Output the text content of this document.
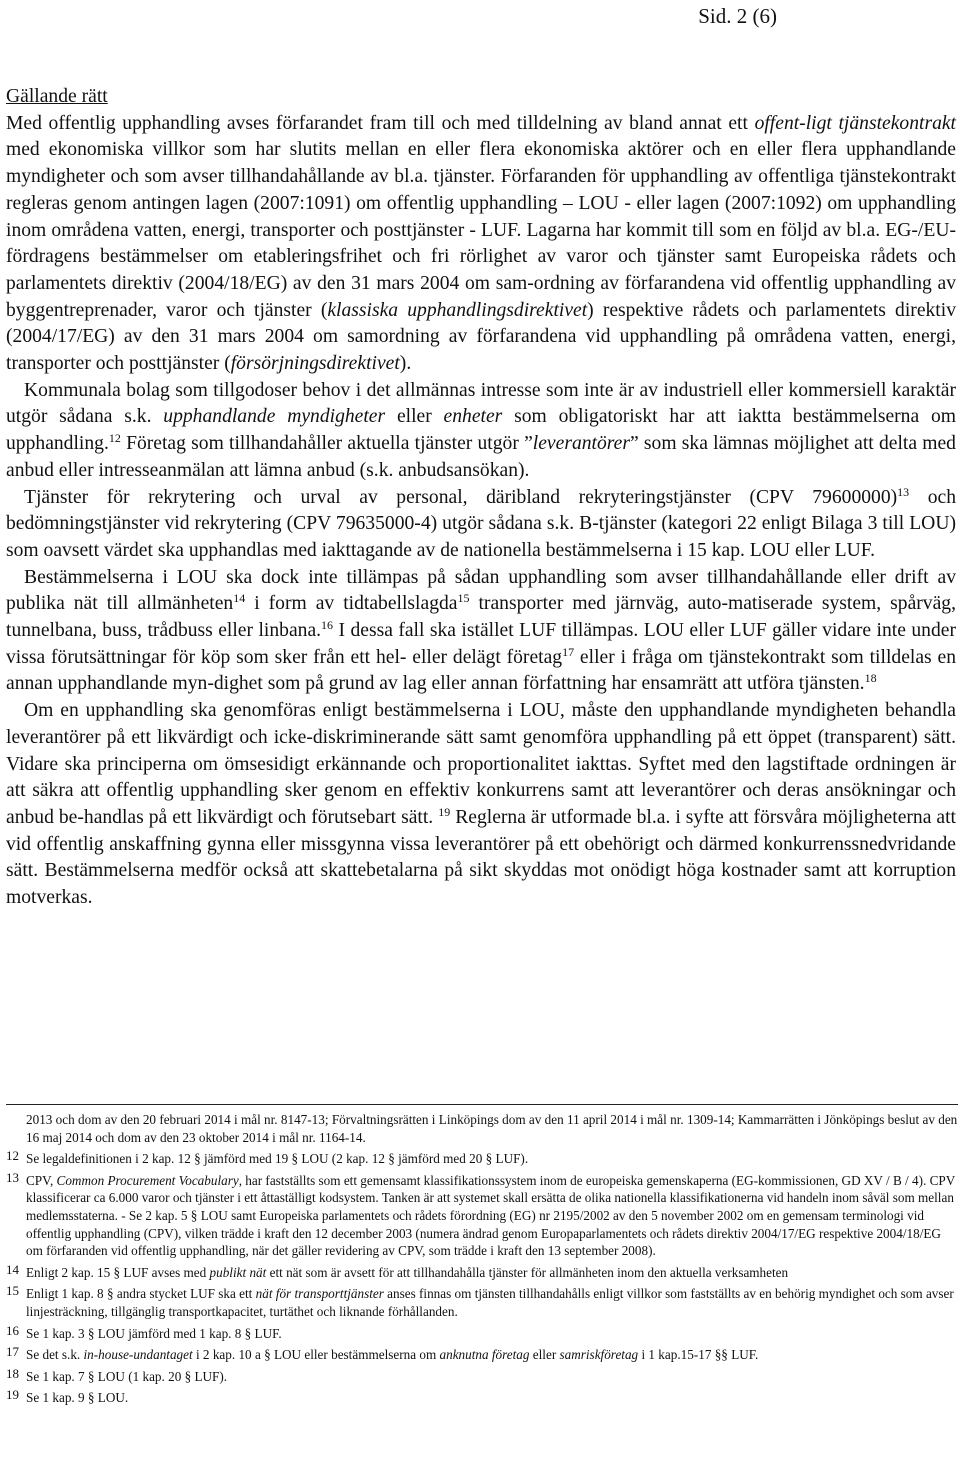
Sid. 2 (6)

Gällande rätt

Med offentlig upphandling avses förfarandet fram till och med tilldelning av bland annat ett offent-ligt tjänstekontrakt med ekonomiska villkor som har slutits mellan en eller flera ekonomiska aktörer och en eller flera upphandlande myndigheter och som avser tillhandahållande av bl.a. tjänster. Förfaranden för upphandling av offentliga tjänstekontrakt regleras genom antingen lagen (2007:1091) om offentlig upphandling – LOU - eller lagen (2007:1092) om upphandling inom områdena vatten, energi, transporter och posttjänster - LUF. Lagarna har kommit till som en följd av bl.a. EG-/EU-fördragens bestämmelser om etableringsfrihet och fri rörlighet av varor och tjänster samt Europeiska rådets och parlamentets direktiv (2004/18/EG) av den 31 mars 2004 om sam-ordning av förfarandena vid offentlig upphandling av byggentreprenader, varor och tjänster (klassiska upphandlingsdirektivet) respektive rådets och parlamentets direktiv (2004/17/EG) av den 31 mars 2004 om samordning av förfarandena vid upphandling på områdena vatten, energi, transporter och posttjänster (försörjningsdirektivet).

Kommunala bolag som tillgodoser behov i det allmännas intresse som inte är av industriell eller kommersiell karaktär utgör sådana s.k. upphandlande myndigheter eller enheter som obligatoriskt har att iaktta bestämmelserna om upphandling.$^{12}$ Företag som tillhandahåller aktuella tjänster utgör ”leverantörer” som ska lämnas möjlighet att delta med anbud eller intresseanmälan att lämna anbud (s.k. anbudsansökan).

Tjänster för rekrytering och urval av personal, däribland rekryteringstjänster (CPV 79600000)$^{13}$ och bedömningstjänster vid rekrytering (CPV 79635000-4) utgör sådana s.k. B-tjänster (kategori 22 enligt Bilaga 3 till LOU) som oavsett värdet ska upphandlas med iakttagande av de nationella bestämmelserna i 15 kap. LOU eller LUF.

Bestämmelserna i LOU ska dock inte tillämpas på sådan upphandling som avser tillhandahållande eller drift av publika nät till allmänheten$^{14}$ i form av tidtabellslagda$^{15}$ transporter med järnväg, auto-matiserade system, spårväg, tunnelbana, buss, trådbuss eller linbana.$^{16}$ I dessa fall ska istället LUF tillämpas. LOU eller LUF gäller vidare inte under vissa förutsättningar för köp som sker från ett hel- eller delägt företag$^{17}$ eller i fråga om tjänstekontrakt som tilldelas en annan upphandlande myn-dighet som på grund av lag eller annan författning har ensamrätt att utföra tjänsten.$^{18}$

Om en upphandling ska genomföras enligt bestämmelserna i LOU, måste den upphandlande myndigheten behandla leverantörer på ett likvärdigt och icke-diskriminerande sätt samt genomföra upphandling på ett öppet (transparent) sätt. Vidare ska principerna om ömsesidigt erkännande och proportionalitet iakttas. Syftet med den lagstiftade ordningen är att säkra att offentlig upphandling sker genom en effektiv konkurrens samt att leverantörer och deras ansökningar och anbud be-handlas på ett likvärdigt och förutsebart sätt. $^{19}$ Reglerna är utformade bl.a. i syfte att försvåra möjligheterna att vid offentlig anskaffning gynna eller missgynna vissa leverantörer på ett obehörigt och därmed konkurrenssnedvridande sätt. Bestämmelserna medför också att skattebetalarna på sikt skyddas mot onödigt höga kostnader samt att korruption motverkas.

2013 och dom av den 20 februari 2014 i mål nr. 8147-13; Förvaltningsrätten i Linköpings dom av den 11 april 2014 i mål nr. 1309-14; Kammarrätten i Jönköpings beslut av den 16 maj 2014 och dom av den 23 oktober 2014 i mål nr. 1164-14.
12 Se legaldefinitionen i 2 kap. 12 § jämförd med 19 § LOU (2 kap. 12 § jämförd med 20 § LUF).
13 CPV, Common Procurement Vocabulary, har fastställts som ett gemensamt klassifikationssystem inom de europeiska gemenskaperna (EG-kommissionen, GD XV / B / 4). CPV klassificerar ca 6.000 varor och tjänster i ett åttaställigt kodsystem. Tanken är att systemet skall ersätta de olika nationella klassifikationerna vid handeln inom såväl som mellan medlemsstaterna. - Se 2 kap. 5 § LOU samt Europeiska parlamentets och rådets förordning (EG) nr 2195/2002 av den 5 november 2002 om en gemensam terminologi vid offentlig upphandling (CPV), vilken trädde i kraft den 12 december 2003 (numera ändrad genom Europaparlamentets och rådets direktiv 2004/17/EG respektive 2004/18/EG om förfaranden vid offentlig upphandling, när det gäller revidering av CPV, som trädde i kraft den 13 september 2008).
14 Enligt 2 kap. 15 § LUF avses med publikt nät ett nät som är avsett för att tillhandahålla tjänster för allmänheten inom den aktuella verksamheten
15 Enligt 1 kap. 8 § andra stycket LUF ska ett nät för transporttjänster anses finnas om tjänsten tillhandahålls enligt villkor som fastställts av en behörig myndighet och som avser linjesträckning, tillgänglig transportkapacitet, turtäthet och liknande förhållanden.
16 Se 1 kap. 3 § LOU jämförd med 1 kap. 8 § LUF.
17 Se det s.k. in-house-undantaget i 2 kap. 10 a § LOU eller bestämmelserna om anknutna företag eller samriskföretag i 1 kap.15-17 §§ LUF.
18 Se 1 kap. 7 § LOU (1 kap. 20 § LUF).
19 Se 1 kap. 9 § LOU.
